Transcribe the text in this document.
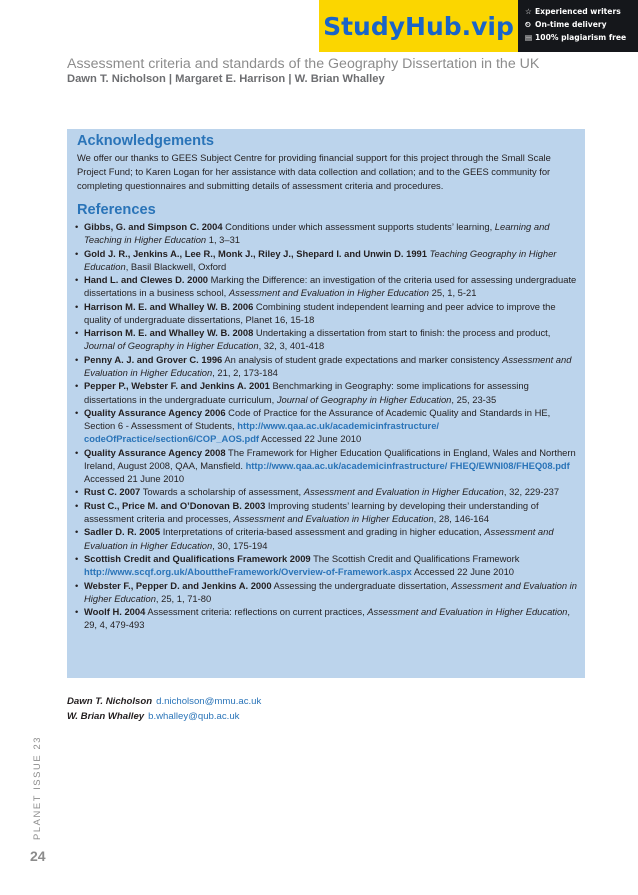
StudyHub.vip	☆ Experienced writers
⏲ On-time delivery
▤ 100% plagiarism free
Assessment criteria and standards of the Geography Dissertation in the UK
Dawn T. Nicholson | Margaret E. Harrison | W. Brian Whalley
Acknowledgements
We offer our thanks to GEES Subject Centre for providing financial support for this project through the Small Scale Project Fund; to Karen Logan for her assistance with data collection and collation; and to the GEES community for completing questionnaires and submitting details of assessment criteria and procedures.
References
• Gibbs, G. and Simpson C. 2004 Conditions under which assessment supports students’ learning, Learning and Teaching in Higher Education 1, 3–31
• Gold J. R., Jenkins A., Lee R., Monk J., Riley J., Shepard I. and Unwin D. 1991 Teaching Geography in Higher Education, Basil Blackwell, Oxford
• Hand L. and Clewes D. 2000 Marking the Difference: an investigation of the criteria used for assessing undergraduate dissertations in a business school, Assessment and Evaluation in Higher Education 25, 1, 5-21
• Harrison M. E. and Whalley W. B. 2006 Combining student independent learning and peer advice to improve the quality of undergraduate dissertations, Planet 16, 15-18
• Harrison M. E. and Whalley W. B. 2008 Undertaking a dissertation from start to finish: the process and product, Journal of Geography in Higher Education, 32, 3, 401-418
• Penny A. J. and Grover C. 1996 An analysis of student grade expectations and marker consistency Assessment and Evaluation in Higher Education, 21, 2, 173-184
• Pepper P., Webster F. and Jenkins A. 2001 Benchmarking in Geography: some implications for assessing dissertations in the undergraduate curriculum, Journal of Geography in Higher Education, 25, 23-35
• Quality Assurance Agency 2006 Code of Practice for the Assurance of Academic Quality and Standards in HE, Section 6 - Assessment of Students, http://www.qaa.ac.uk/academicinfrastructure/ codeOfPractice/section6/COP_AOS.pdf Accessed 22 June 2010
• Quality Assurance Agency 2008 The Framework for Higher Education Qualifications in England, Wales and Northern Ireland, August 2008, QAA, Mansfield. http://www.qaa.ac.uk/academicinfrastructure/ FHEQ/EWNI08/FHEQ08.pdf Accessed 21 June 2010
• Rust C. 2007 Towards a scholarship of assessment, Assessment and Evaluation in Higher Education, 32, 229-237
• Rust C., Price M. and O’Donovan B. 2003 Improving students’ learning by developing their understanding of assessment criteria and processes, Assessment and Evaluation in Higher Education, 28, 146-164
• Sadler D. R. 2005 Interpretations of criteria-based assessment and grading in higher education, Assessment and Evaluation in Higher Education, 30, 175-194
• Scottish Credit and Qualifications Framework 2009 The Scottish Credit and Qualifications Framework http://www.scqf.org.uk/AbouttheFramework/Overview-of-Framework.aspx Accessed 22 June 2010
• Webster F., Pepper D. and Jenkins A. 2000 Assessing the undergraduate dissertation, Assessment and Evaluation in Higher Education, 25, 1, 71-80
• Woolf H. 2004 Assessment criteria: reflections on current practices, Assessment and Evaluation in Higher Education, 29, 4, 479-493
Dawn T. Nicholson d.nicholson@mmu.ac.uk
W. Brian Whalley b.whalley@qub.ac.uk
PLANET ISSUE 23
24
